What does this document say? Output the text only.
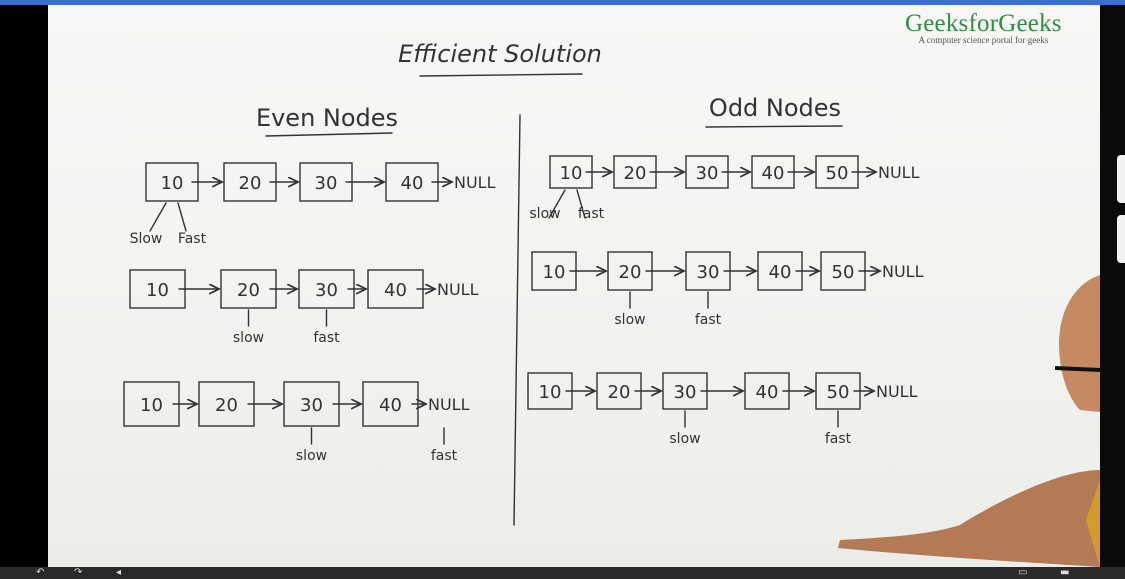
GeeksforGeeks
A computer science portal for geeks
Efficient Solution
Even Nodes	Odd Nodes
10	20	30	40 NULL
Slow Fast
10	20	30	40 NULL
slow	fast
10	20	30	40 NULL
slow	fast
10 20	30 40 50 NULL
slow fast
10	20	30	40 50 NULL
slow	fast
10	20 30	40	50 NULL
slow	fast
↶	↷	◂	▭	▬
